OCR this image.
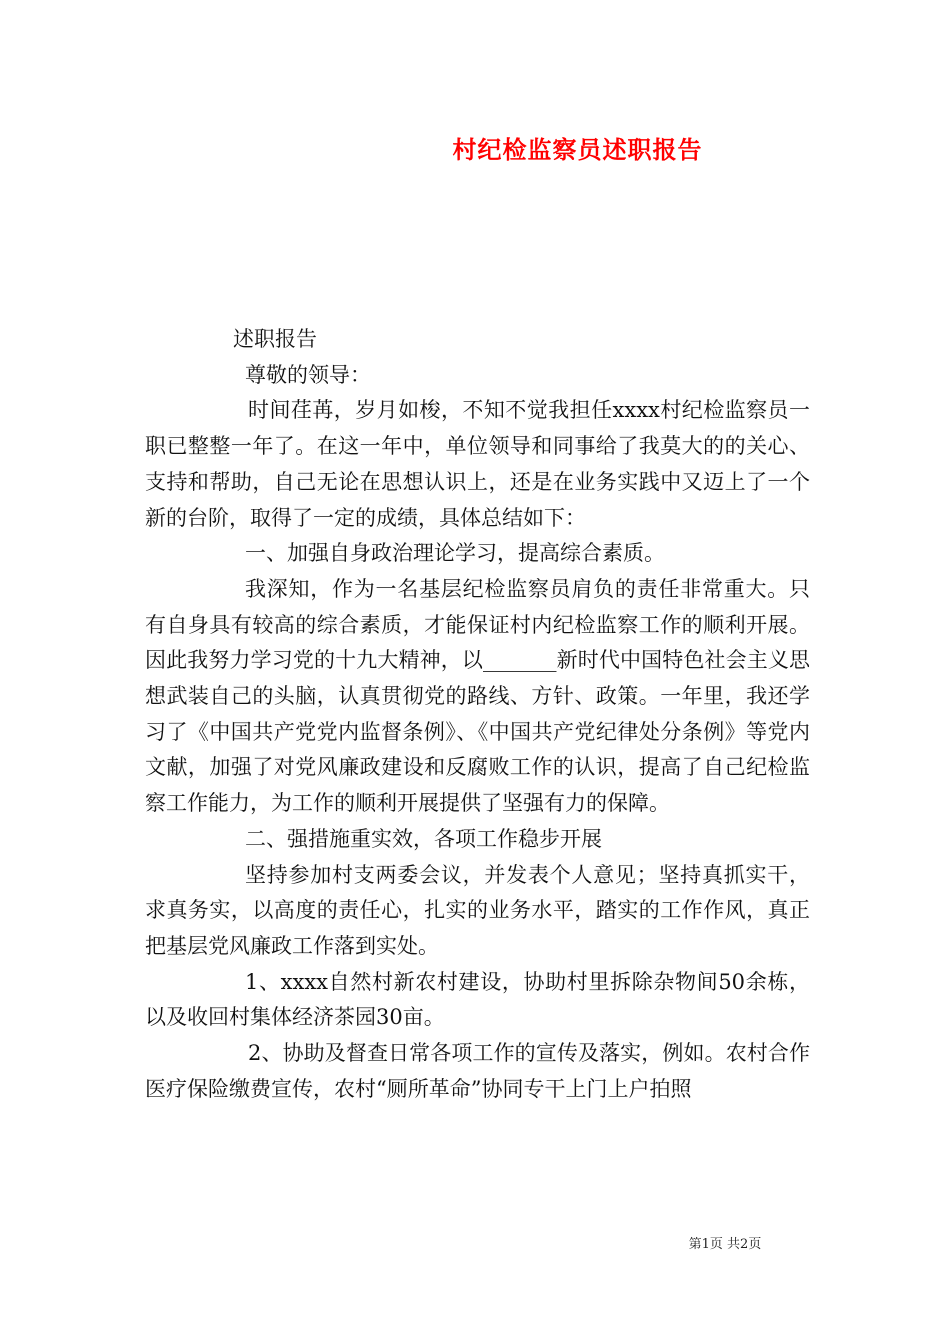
村纪检监察员述职报告

述职报告

尊敬的领导：

时间荏苒，岁月如梭，不知不觉我担任xxxx村纪检监察员一职已整整一年了。在这一年中，单位领导和同事给了我莫大的的关心、支持和帮助，自己无论在思想认识上，还是在业务实践中又迈上了一个新的台阶，取得了一定的成绩，具体总结如下：

一、加强自身政治理论学习，提高综合素质。

我深知，作为一名基层纪检监察员肩负的责任非常重大。只有自身具有较高的综合素质，才能保证村内纪检监察工作的顺利开展。因此我努力学习党的十九大精神，以_______新时代中国特色社会主义思想武装自己的头脑，认真贯彻党的路线、方针、政策。一年里，我还学习了《中国共产党党内监督条例》、《中国共产党纪律处分条例》等党内文献，加强了对党风廉政建设和反腐败工作的认识，提高了自己纪检监察工作能力，为工作的顺利开展提供了坚强有力的保障。

二、强措施重实效，各项工作稳步开展

坚持参加村支两委会议，并发表个人意见；坚持真抓实干，求真务实，以高度的责任心，扎实的业务水平，踏实的工作作风，真正把基层党风廉政工作落到实处。

1、xxxx自然村新农村建设，协助村里拆除杂物间50余栋，以及收回村集体经济茶园30亩。

2、协助及督查日常各项工作的宣传及落实，例如。农村合作医疗保险缴费宣传，农村“厕所革命”协同专干上门上户拍照

第1页 共2页
